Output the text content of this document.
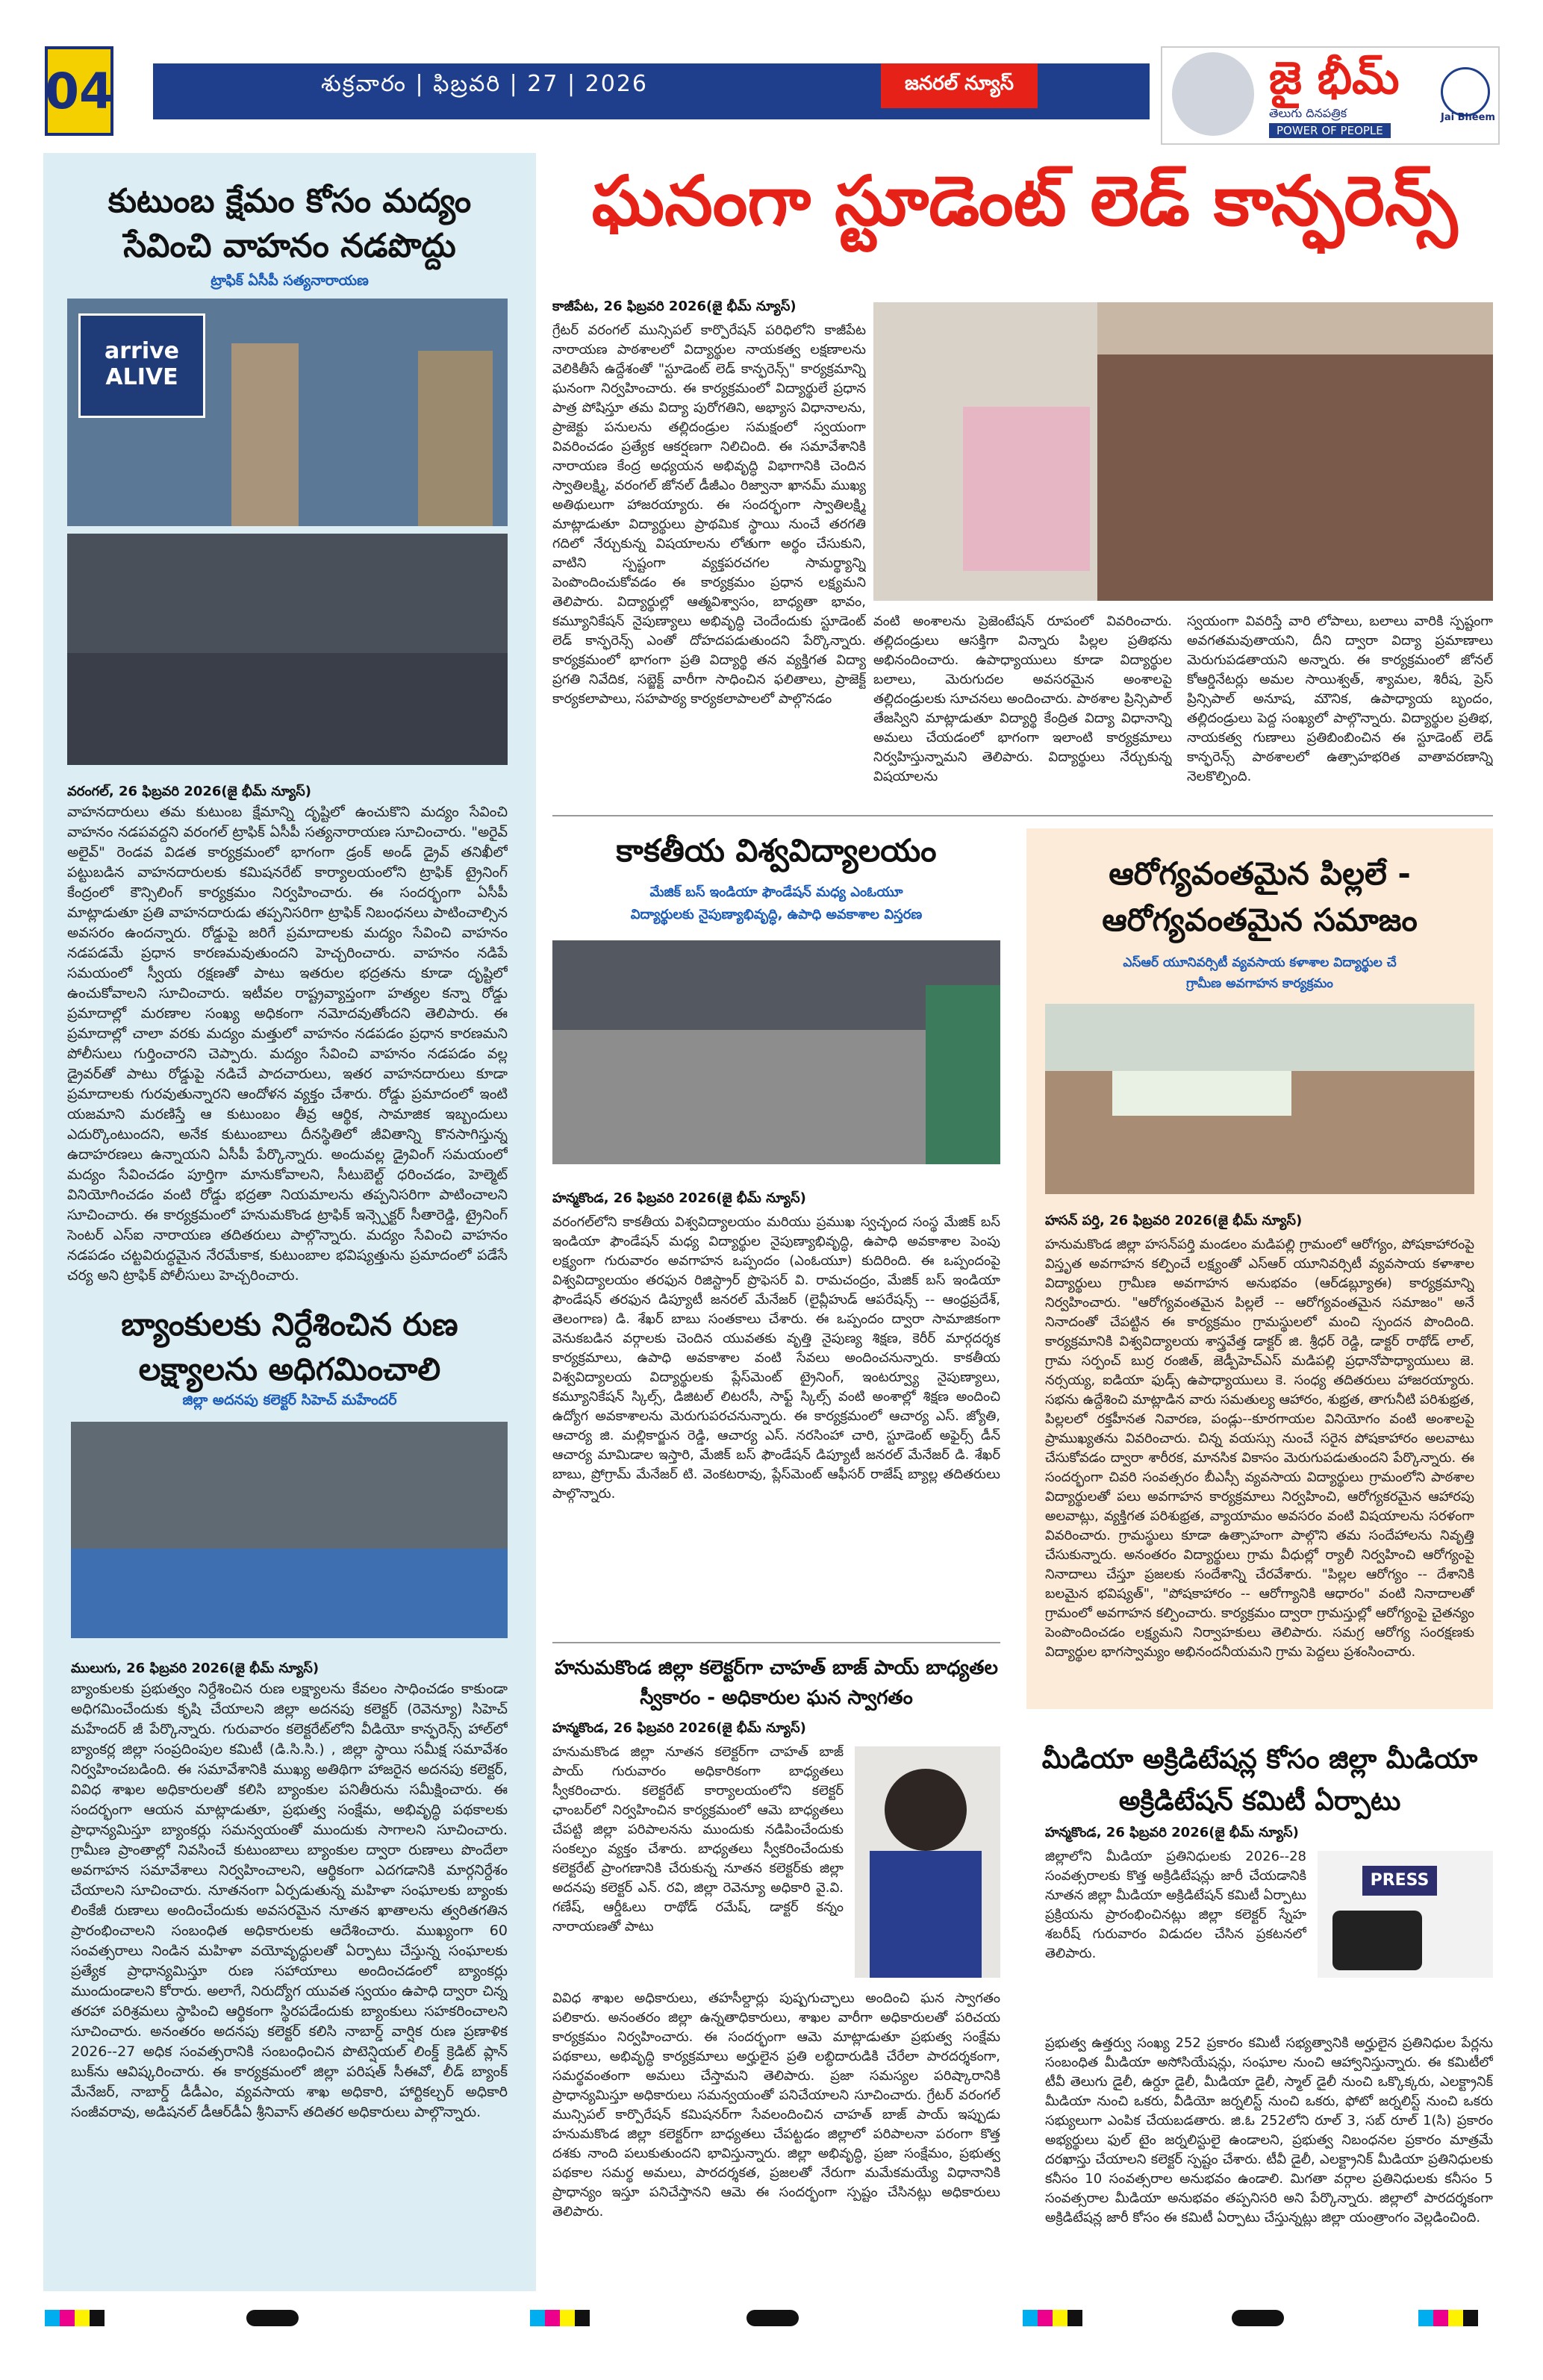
04	శుక్రవారం | ఫిబ్రవరి | 27 | 2026	జనరల్ న్యూస్	జై భీమ్
తెలుగు దినపత్రిక
POWER OF PEOPLE
Jai Bheem
కుటుంబ క్షేమం కోసం మద్యం సేవించి వాహనం నడపొద్దు
ట్రాఫిక్ ఏసీపీ సత్యనారాయణ
arrive ALIVE
వరంగల్, 26 ఫిబ్రవరి 2026(జై భీమ్ న్యూస్)
వాహనదారులు తమ కుటుంబ క్షేమాన్ని దృష్టిలో ఉంచుకొని మద్యం సేవించి వాహనం నడపవద్దని వరంగల్ ట్రాఫిక్ ఏసీపీ సత్యనారాయణ సూచించారు. "అరైవ్ అలైవ్" రెండవ విడత కార్యక్రమంలో భాగంగా డ్రంక్ అండ్ డ్రైవ్ తనిఖీలో పట్టుబడిన వాహనదారులకు కమిషనరేట్ కార్యాలయంలోని ట్రాఫిక్ ట్రైనింగ్ కేంద్రంలో కౌన్సిలింగ్ కార్యక్రమం నిర్వహించారు. ఈ సందర్భంగా ఏసీపీ మాట్లాడుతూ ప్రతి వాహనదారుడు తప్పనిసరిగా ట్రాఫిక్ నిబంధనలు పాటించాల్సిన అవసరం ఉందన్నారు. రోడ్డుపై జరిగే ప్రమాదాలకు మద్యం సేవించి వాహనం నడపడమే ప్రధాన కారణమవుతుందని హెచ్చరించారు. వాహనం నడిపే సమయంలో స్వీయ రక్షణతో పాటు ఇతరుల భద్రతను కూడా దృష్టిలో ఉంచుకోవాలని సూచించారు. ఇటీవల రాష్ట్రవ్యాప్తంగా హత్యల కన్నా రోడ్డు ప్రమాదాల్లో మరణాల సంఖ్య అధికంగా నమోదవుతోందని తెలిపారు. ఈ ప్రమాదాల్లో చాలా వరకు మద్యం మత్తులో వాహనం నడపడం ప్రధాన కారణమని పోలీసులు గుర్తించారని చెప్పారు. మద్యం సేవించి వాహనం నడపడం వల్ల డ్రైవర్‌తో పాటు రోడ్డుపై నడిచే పాదచారులు, ఇతర వాహనదారులు కూడా ప్రమాదాలకు గురవుతున్నారని ఆందోళన వ్యక్తం చేశారు. రోడ్డు ప్రమాదంలో ఇంటి యజమాని మరణిస్తే ఆ కుటుంబం తీవ్ర ఆర్థిక, సామాజిక ఇబ్బందులు ఎదుర్కొంటుందని, అనేక కుటుంబాలు దీనస్థితిలో జీవితాన్ని కొనసాగిస్తున్న ఉదాహరణలు ఉన్నాయని ఏసీపీ పేర్కొన్నారు. అందువల్ల డ్రైవింగ్ సమయంలో మద్యం సేవించడం పూర్తిగా మానుకోవాలని, సీటుబెల్ట్ ధరించడం, హెల్మెట్ వినియోగించడం వంటి రోడ్డు భద్రతా నియమాలను తప్పనిసరిగా పాటించాలని సూచించారు. ఈ కార్యక్రమంలో హనుమకొండ ట్రాఫిక్ ఇన్స్పెక్టర్ సీతారెడ్డి, ట్రైనింగ్ సెంటర్ ఎస్ఐ నారాయణ తదితరులు పాల్గొన్నారు. మద్యం సేవించి వాహనం నడపడం చట్టవిరుద్ధమైన నేరమేకాక, కుటుంబాల భవిష్యత్తును ప్రమాదంలో పడేసే చర్య అని ట్రాఫిక్ పోలీసులు హెచ్చరించారు.
బ్యాంకులకు నిర్దేశించిన రుణ లక్ష్యాలను అధిగమించాలి
జిల్లా అదనపు కలెక్టర్ సిహెచ్ మహేందర్
ములుగు, 26 ఫిబ్రవరి 2026(జై భీమ్ న్యూస్)
బ్యాంకులకు ప్రభుత్వం నిర్దేశించిన రుణ లక్ష్యాలను కేవలం సాధించడం కాకుండా అధిగమించేందుకు కృషి చేయాలని జిల్లా అదనపు కలెక్టర్ (రెవెన్యూ) సిహెచ్ మహేందర్ జీ పేర్కొన్నారు. గురువారం కలెక్టరేట్‌లోని వీడియో కాన్ఫరెన్స్ హాల్‌లో బ్యాంకర్ల జిల్లా సంప్రదింపుల కమిటీ (డి.సి.సి.) , జిల్లా స్థాయి సమీక్ష సమావేశం నిర్వహించబడింది. ఈ సమావేశానికి ముఖ్య అతిథిగా హాజరైన అదనపు కలెక్టర్, వివిధ శాఖల అధికారులతో కలిసి బ్యాంకుల పనితీరును సమీక్షించారు. ఈ సందర్భంగా ఆయన మాట్లాడుతూ, ప్రభుత్వ సంక్షేమ, అభివృద్ధి పథకాలకు ప్రాధాన్యమిస్తూ బ్యాంకర్లు సమన్వయంతో ముందుకు సాగాలని సూచించారు. గ్రామీణ ప్రాంతాల్లో నివసించే కుటుంబాలు బ్యాంకుల ద్వారా రుణాలు పొందేలా అవగాహన సమావేశాలు నిర్వహించాలని, ఆర్థికంగా ఎదగడానికి మార్గనిర్దేశం చేయాలని సూచించారు. నూతనంగా ఏర్పడుతున్న మహిళా సంఘాలకు బ్యాంకు లింకేజీ రుణాలు అందించేందుకు అవసరమైన నూతన ఖాతాలను త్వరితగతిన ప్రారంభించాలని సంబంధిత అధికారులకు ఆదేశించారు. ముఖ్యంగా 60 సంవత్సరాలు నిండిన మహిళా వయోవృద్ధులతో ఏర్పాటు చేస్తున్న సంఘాలకు ప్రత్యేక ప్రాధాన్యమిస్తూ రుణ సహాయాలు అందించడంలో బ్యాంకర్లు ముందుండాలని కోరారు. అలాగే, నిరుద్యోగ యువత స్వయం ఉపాధి ద్వారా చిన్న తరహా పరిశ్రమలు స్థాపించి ఆర్థికంగా స్థిరపడేందుకు బ్యాంకులు సహకరించాలని సూచించారు. అనంతరం అదనపు కలెక్టర్ కలిసి నాబార్డ్ వార్షిక రుణ ప్రణాళిక 2026--27 అధిక సంవత్సరానికి సంబంధించిన పొటెన్షియల్ లింక్డ్ క్రెడిట్ ప్లాన్ బుక్‌ను ఆవిష్కరించారు. ఈ కార్యక్రమంలో జిల్లా పరిషత్ సీఈవో, లీడ్ బ్యాంక్ మేనేజర్, నాబార్డ్ డీడీఎం, వ్యవసాయ శాఖ అధికారి, హార్టికల్చర్ అధికారి సంజీవరావు, అడిషనల్ డీఆర్‌డీఏ శ్రీనివాస్ తదితర అధికారులు పాల్గొన్నారు.
ఘనంగా స్టూడెంట్ లెడ్ కాన్ఫరెన్స్
కాజీపేట, 26 ఫిబ్రవరి 2026(జై భీమ్ న్యూస్)
గ్రేటర్ వరంగల్ మున్సిపల్ కార్పొరేషన్ పరిధిలోని కాజీపేట నారాయణ పాఠశాలలో విద్యార్థుల నాయకత్వ లక్షణాలను వెలికితీసే ఉద్దేశంతో "స్టూడెంట్ లెడ్ కాన్ఫరెన్స్" కార్యక్రమాన్ని ఘనంగా నిర్వహించారు. ఈ కార్యక్రమంలో విద్యార్థులే ప్రధాన పాత్ర పోషిస్తూ తమ విద్యా పురోగతిని, అభ్యాస విధానాలను, ప్రాజెక్టు పనులను తల్లిదండ్రుల సమక్షంలో స్వయంగా వివరించడం ప్రత్యేక ఆకర్షణగా నిలిచింది. ఈ సమావేశానికి నారాయణ కేంద్ర అధ్యయన అభివృద్ధి విభాగానికి చెందిన స్వాతిలక్ష్మి, వరంగల్ జోనల్ డీజీఎం రిజ్వానా ఖానమ్ ముఖ్య అతిథులుగా హాజరయ్యారు. ఈ సందర్భంగా స్వాతిలక్ష్మి మాట్లాడుతూ విద్యార్థులు ప్రాథమిక స్థాయి నుంచే తరగతి గదిలో నేర్చుకున్న విషయాలను లోతుగా అర్థం చేసుకుని, వాటిని స్పష్టంగా వ్యక్తపరచగల సామర్థ్యాన్ని పెంపొందించుకోవడం ఈ కార్యక్రమం ప్రధాన లక్ష్యమని తెలిపారు. విద్యార్థుల్లో ఆత్మవిశ్వాసం, బాధ్యతా భావం, కమ్యూనికేషన్ నైపుణ్యాలు అభివృద్ధి చెందేందుకు స్టూడెంట్ లెడ్ కాన్ఫరెన్స్ ఎంతో దోహదపడుతుందని పేర్కొన్నారు. కార్యక్రమంలో భాగంగా ప్రతి విద్యార్థి తన వ్యక్తిగత విద్యా ప్రగతి నివేదిక, సబ్జెక్ట్ వారీగా సాధించిన ఫలితాలు, ప్రాజెక్ట్ కార్యకలాపాలు, సహపాఠ్య కార్యకలాపాలలో పాల్గొనడం
వంటి అంశాలను ప్రెజెంటేషన్ రూపంలో వివరించారు. తల్లిదండ్రులు ఆసక్తిగా విన్నారు పిల్లల ప్రతిభను అభినందించారు. ఉపాధ్యాయులు కూడా విద్యార్థుల బలాలు, మెరుగుదల అవసరమైన అంశాలపై తల్లిదండ్రులకు సూచనలు అందించారు. పాఠశాల ప్రిన్సిపాల్ తేజస్విని మాట్లాడుతూ విద్యార్థి కేంద్రిత విద్యా విధానాన్ని అమలు చేయడంలో భాగంగా ఇలాంటి కార్యక్రమాలు నిర్వహిస్తున్నామని తెలిపారు. విద్యార్థులు నేర్చుకున్న విషయాలను
స్వయంగా వివరిస్తే వారి లోపాలు, బలాలు వారికి స్పష్టంగా అవగతమవుతాయని, దీని ద్వారా విద్యా ప్రమాణాలు మెరుగుపడతాయని అన్నారు. ఈ కార్యక్రమంలో జోనల్ కోఆర్డినేటర్లు అమల సాయిశ్వత్, శ్యామల, శిరీష, ప్రెస్ ప్రిన్సిపాల్ అనూష, మౌనిక, ఉపాధ్యాయ బృందం, తల్లిదండ్రులు పెద్ద సంఖ్యలో పాల్గొన్నారు. విద్యార్థుల ప్రతిభ, నాయకత్వ గుణాలు ప్రతిబింబించిన ఈ స్టూడెంట్ లెడ్ కాన్ఫరెన్స్ పాఠశాలలో ఉత్సాహభరిత వాతావరణాన్ని నెలకొల్పింది.
కాకతీయ విశ్వవిద్యాలయం
మేజిక్ బస్ ఇండియా ఫౌండేషన్ మధ్య ఎంఓయూ
విద్యార్థులకు నైపుణ్యాభివృద్ధి, ఉపాధి అవకాశాల విస్తరణ
హన్మకొండ, 26 ఫిబ్రవరి 2026(జై భీమ్ న్యూస్)
వరంగల్‌లోని కాకతీయ విశ్వవిద్యాలయం మరియు ప్రముఖ స్వచ్ఛంద సంస్థ మేజిక్ బస్ ఇండియా ఫౌండేషన్ మధ్య విద్యార్థుల నైపుణ్యాభివృద్ధి, ఉపాధి అవకాశాల పెంపు లక్ష్యంగా గురువారం అవగాహన ఒప్పందం (ఎంఓయూ) కుదిరింది. ఈ ఒప్పందంపై విశ్వవిద్యాలయం తరఫున రిజిస్ట్రార్ ప్రొఫెసర్ వి. రామచంద్రం, మేజిక్ బస్ ఇండియా ఫౌండేషన్ తరఫున డిప్యూటీ జనరల్ మేనేజర్ (లైవ్లీహుడ్ ఆపరేషన్స్ -- ఆంధ్రప్రదేశ్, తెలంగాణ) డి. శేఖర్ బాబు సంతకాలు చేశారు. ఈ ఒప్పందం ద్వారా సామాజికంగా వెనుకబడిన వర్గాలకు చెందిన యువతకు వృత్తి నైపుణ్య శిక్షణ, కెరీర్ మార్గదర్శక కార్యక్రమాలు, ఉపాధి అవకాశాల వంటి సేవలు అందించనున్నారు. కాకతీయ విశ్వవిద్యాలయ విద్యార్థులకు ప్లేస్‌మెంట్ ట్రైనింగ్, ఇంటర్వ్యూ నైపుణ్యాలు, కమ్యూనికేషన్ స్కిల్స్, డిజిటల్ లిటరసీ, సాఫ్ట్ స్కిల్స్ వంటి అంశాల్లో శిక్షణ అందించి ఉద్యోగ అవకాశాలను మెరుగుపరచనున్నారు. ఈ కార్యక్రమంలో ఆచార్య ఎస్. జ్యోతి, ఆచార్య జి. మల్లికార్జున రెడ్డి, ఆచార్య ఎస్. నరసింహా చారి, స్టూడెంట్ అఫైర్స్ డీన్ ఆచార్య మామిడాల ఇస్తారి, మేజిక్ బస్ ఫౌండేషన్ డిప్యూటీ జనరల్ మేనేజర్ డి. శేఖర్ బాబు, ప్రోగ్రామ్ మేనేజర్ టి. వెంకటరావు, ప్లేస్‌మెంట్ ఆఫీసర్ రాజేష్ బ్యాల్ల తదితరులు పాల్గొన్నారు.
హనుమకొండ జిల్లా కలెక్టర్‌గా చాహత్ బాజ్ పాయ్ బాధ్యతల స్వీకారం - అధికారుల ఘన స్వాగతం
హన్మకొండ, 26 ఫిబ్రవరి 2026(జై భీమ్ న్యూస్)
హనుమకొండ జిల్లా నూతన కలెక్టర్‌గా చాహత్ బాజ్ పాయ్ గురువారం అధికారికంగా బాధ్యతలు స్వీకరించారు. కలెక్టరేట్ కార్యాలయంలోని కలెక్టర్ ఛాంబర్‌లో నిర్వహించిన కార్యక్రమంలో ఆమె బాధ్యతలు చేపట్టి జిల్లా పరిపాలనను ముందుకు నడిపించేందుకు సంకల్పం వ్యక్తం చేశారు. బాధ్యతలు స్వీకరించేందుకు కలెక్టరేట్ ప్రాంగణానికి చేరుకున్న నూతన కలెక్టర్‌కు జిల్లా అదనపు కలెక్టర్ ఎన్. రవి, జిల్లా రెవెన్యూ అధికారి వై.వి. గణేష్, ఆర్డీఓలు రాథోడ్ రమేష్, డాక్టర్ కన్నం నారాయణతో పాటు
వివిధ శాఖల అధికారులు, తహసీల్దార్లు పుష్పగుచ్ఛాలు అందించి ఘన స్వాగతం పలికారు. అనంతరం జిల్లా ఉన్నతాధికారులు, శాఖల వారీగా అధికారులతో పరిచయ కార్యక్రమం నిర్వహించారు. ఈ సందర్భంగా ఆమె మాట్లాడుతూ ప్రభుత్వ సంక్షేమ పథకాలు, అభివృద్ధి కార్యక్రమాలు అర్హులైన ప్రతి లబ్ధిదారుడికి చేరేలా పారదర్శకంగా, సమర్థవంతంగా అమలు చేస్తామని తెలిపారు. ప్రజా సమస్యల పరిష్కారానికి ప్రాధాన్యమిస్తూ అధికారులు సమన్వయంతో పనిచేయాలని సూచించారు. గ్రేటర్ వరంగల్ మున్సిపల్ కార్పొరేషన్ కమిషనర్‌గా సేవలందించిన చాహత్ బాజ్ పాయ్ ఇప్పుడు హనుమకొండ జిల్లా కలెక్టర్‌గా బాధ్యతలు చేపట్టడం జిల్లాలో పరిపాలనా పరంగా కొత్త దశకు నాంది పలుకుతుందని భావిస్తున్నారు. జిల్లా అభివృద్ధి, ప్రజా సంక్షేమం, ప్రభుత్వ పథకాల సమర్థ అమలు, పారదర్శకత, ప్రజలతో నేరుగా మమేకమయ్యే విధానానికి ప్రాధాన్యం ఇస్తూ పనిచేస్తానని ఆమె ఈ సందర్భంగా స్పష్టం చేసినట్లు అధికారులు తెలిపారు.
ఆరోగ్యవంతమైన పిల్లలే - ఆరోగ్యవంతమైన సమాజం
ఎస్ఆర్ యూనివర్సిటీ వ్యవసాయ కళాశాల విద్యార్థుల చే
గ్రామీణ అవగాహన కార్యక్రమం
హసన్ పర్తి, 26 ఫిబ్రవరి 2026(జై భీమ్ న్యూస్)
హనుమకొండ జిల్లా హసన్‌పర్తి మండలం మడిపల్లి గ్రామంలో ఆరోగ్యం, పోషకాహారంపై విస్తృత అవగాహన కల్పించే లక్ష్యంతో ఎస్ఆర్ యూనివర్సిటీ వ్యవసాయ కళాశాల విద్యార్థులు గ్రామీణ అవగాహన అనుభవం (ఆర్‌డబ్ల్యూఈ) కార్యక్రమాన్ని నిర్వహించారు. "ఆరోగ్యవంతమైన పిల్లలే -- ఆరోగ్యవంతమైన సమాజం" అనే నినాదంతో చేపట్టిన ఈ కార్యక్రమం గ్రామస్థులలో మంచి స్పందన పొందింది. కార్యక్రమానికి విశ్వవిద్యాలయ శాస్త్రవేత్త డాక్టర్ జి. శ్రీధర్ రెడ్డి, డాక్టర్ రాథోడ్ లాల్, గ్రామ సర్పంచ్ బుర్ర రంజిత్, జెడ్పీహెచ్ఎస్ మడిపల్లి ప్రధానోపాధ్యాయులు జె. నర్సయ్య, ఐడియా ఫుడ్స్ ఉపాధ్యాయులు కె. సంధ్య తదితరులు హాజరయ్యారు. సభను ఉద్దేశించి మాట్లాడిన వారు సమతుల్య ఆహారం, శుభ్రత, తాగునీటి పరిశుభ్రత, పిల్లలలో రక్తహీనత నివారణ, పండ్లు--కూరగాయల వినియోగం వంటి అంశాలపై ప్రాముఖ్యతను వివరించారు. చిన్న వయస్సు నుంచే సరైన పోషకాహారం అలవాటు చేసుకోవడం ద్వారా శారీరక, మానసిక వికాసం మెరుగుపడుతుందని పేర్కొన్నారు. ఈ సందర్భంగా చివరి సంవత్సరం బీఎస్సీ వ్యవసాయ విద్యార్థులు గ్రామంలోని పాఠశాల విద్యార్థులతో పలు అవగాహన కార్యక్రమాలు నిర్వహించి, ఆరోగ్యకరమైన ఆహారపు అలవాట్లు, వ్యక్తిగత పరిశుభ్రత, వ్యాయామం అవసరం వంటి విషయాలను సరళంగా వివరించారు. గ్రామస్థులు కూడా ఉత్సాహంగా పాల్గొని తమ సందేహాలను నివృత్తి చేసుకున్నారు. అనంతరం విద్యార్థులు గ్రామ వీధుల్లో ర్యాలీ నిర్వహించి ఆరోగ్యంపై నినాదాలు చేస్తూ ప్రజలకు సందేశాన్ని చేరవేశారు. "పిల్లల ఆరోగ్యం -- దేశానికి బలమైన భవిష్యత్", "పోషకాహారం -- ఆరోగ్యానికి ఆధారం" వంటి నినాదాలతో గ్రామంలో అవగాహన కల్పించారు. కార్యక్రమం ద్వారా గ్రామస్తుల్లో ఆరోగ్యంపై చైతన్యం పెంపొందించడం లక్ష్యమని నిర్వాహకులు తెలిపారు. సమగ్ర ఆరోగ్య సంరక్షణకు విద్యార్థుల భాగస్వామ్యం అభినందనీయమని గ్రామ పెద్దలు ప్రశంసించారు.
మీడియా అక్రిడిటేషన్ల కోసం జిల్లా మీడియా అక్రిడిటేషన్ కమిటీ ఏర్పాటు
హన్మకొండ, 26 ఫిబ్రవరి 2026(జై భీమ్ న్యూస్)
జిల్లాలోని మీడియా ప్రతినిధులకు 2026--28 సంవత్సరాలకు కొత్త అక్రిడిటేషన్లు జారీ చేయడానికి నూతన జిల్లా మీడియా అక్రిడిటేషన్ కమిటీ ఏర్పాటు ప్రక్రియను ప్రారంభించినట్లు జిల్లా కలెక్టర్ స్నేహ శబరీష్ గురువారం విడుదల చేసిన ప్రకటనలో తెలిపారు.
PRESS
ప్రభుత్వ ఉత్తర్వు సంఖ్య 252 ప్రకారం కమిటీ సభ్యత్వానికి అర్హులైన ప్రతినిధుల పేర్లను సంబంధిత మీడియా అసోసియేషన్లు, సంఘాల నుంచి ఆహ్వానిస్తున్నారు. ఈ కమిటీలో టీవీ తెలుగు డైలీ, ఉర్దూ డైలీ, మీడియా డైలీ, స్మాల్ డైలీ నుంచి ఒక్కొక్కరు, ఎలక్ట్రానిక్ మీడియా నుంచి ఒకరు, వీడియో జర్నలిస్ట్ నుంచి ఒకరు, ఫోటో జర్నలిస్ట్ నుంచి ఒకరు సభ్యులుగా ఎంపిక చేయబడతారు. జి.ఓ 252లోని రూల్ 3, సబ్ రూల్ 1(సి) ప్రకారం అభ్యర్థులు ఫుల్ టైం జర్నలిస్టులై ఉండాలని, ప్రభుత్వ నిబంధనల ప్రకారం మాత్రమే దరఖాస్తు చేయాలని కలెక్టర్ స్పష్టం చేశారు. టీవీ డైలీ, ఎలక్ట్రానిక్ మీడియా ప్రతినిధులకు కనీసం 10 సంవత్సరాల అనుభవం ఉండాలి. మిగతా వర్గాల ప్రతినిధులకు కనీసం 5 సంవత్సరాల మీడియా అనుభవం తప్పనిసరి అని పేర్కొన్నారు. జిల్లాలో పారదర్శకంగా అక్రిడిటేషన్ల జారీ కోసం ఈ కమిటీ ఏర్పాటు చేస్తున్నట్లు జిల్లా యంత్రాంగం వెల్లడించింది.
